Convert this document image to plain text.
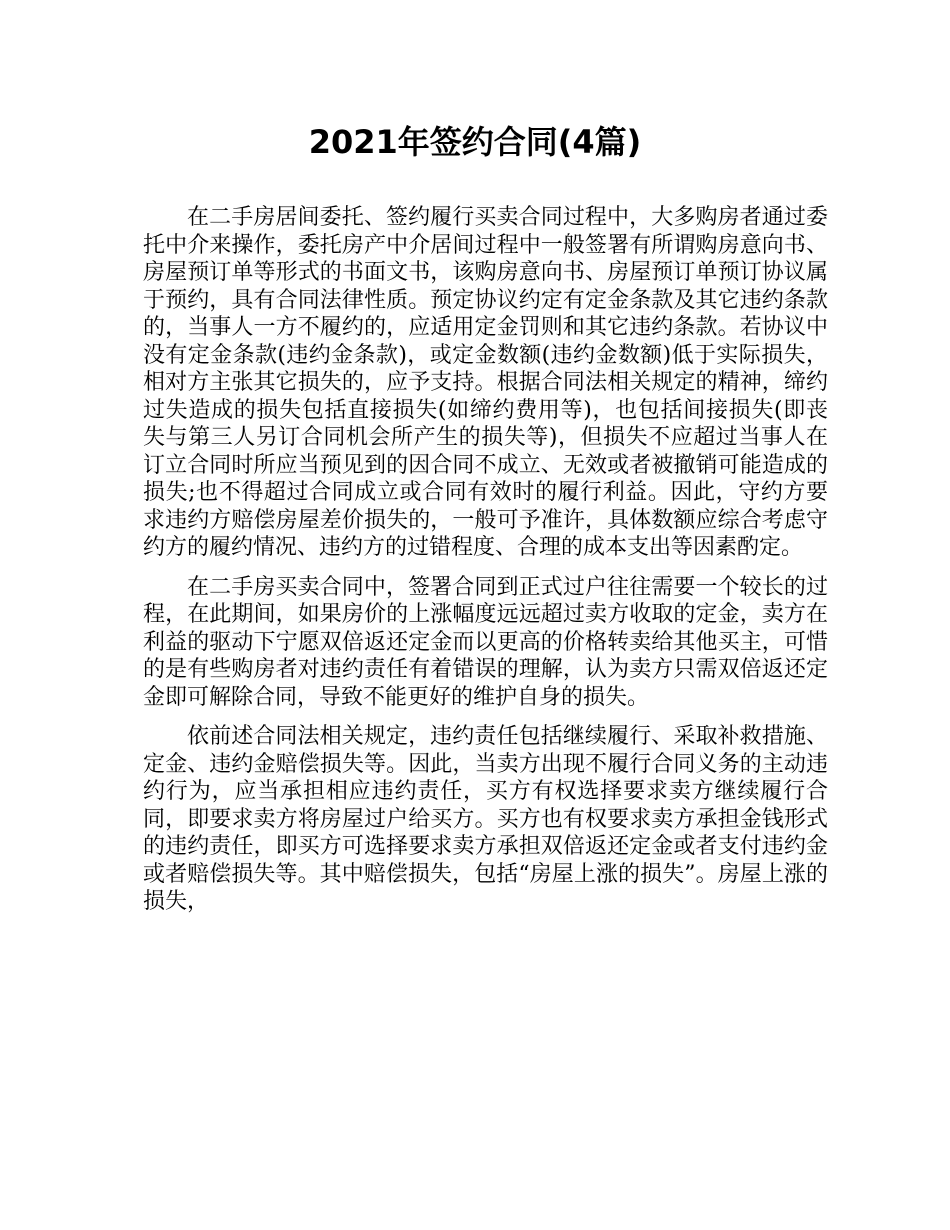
2021年签约合同(4篇)

在二手房居间委托、签约履行买卖合同过程中，大多购房者通过委托中介来操作，委托房产中介居间过程中一般签署有所谓购房意向书、房屋预订单等形式的书面文书，该购房意向书、房屋预订单预订协议属于预约，具有合同法律性质。预定协议约定有定金条款及其它违约条款的，当事人一方不履约的，应适用定金罚则和其它违约条款。若协议中没有定金条款(违约金条款)，或定金数额(违约金数额)低于实际损失，相对方主张其它损失的，应予支持。根据合同法相关规定的精神，缔约过失造成的损失包括直接损失(如缔约费用等)，也包括间接损失(即丧失与第三人另订合同机会所产生的损失等)，但损失不应超过当事人在订立合同时所应当预见到的因合同不成立、无效或者被撤销可能造成的损失;也不得超过合同成立或合同有效时的履行利益。因此，守约方要求违约方赔偿房屋差价损失的，一般可予准许，具体数额应综合考虑守约方的履约情况、违约方的过错程度、合理的成本支出等因素酌定。

在二手房买卖合同中，签署合同到正式过户往往需要一个较长的过程，在此期间，如果房价的上涨幅度远远超过卖方收取的定金，卖方在利益的驱动下宁愿双倍返还定金而以更高的价格转卖给其他买主，可惜的是有些购房者对违约责任有着错误的理解，认为卖方只需双倍返还定金即可解除合同，导致不能更好的维护自身的损失。

依前述合同法相关规定，违约责任包括继续履行、采取补救措施、定金、违约金赔偿损失等。因此，当卖方出现不履行合同义务的主动违约行为，应当承担相应违约责任，买方有权选择要求卖方继续履行合同，即要求卖方将房屋过户给买方。买方也有权要求卖方承担金钱形式的违约责任，即买方可选择要求卖方承担双倍返还定金或者支付违约金或者赔偿损失等。其中赔偿损失，包括“房屋上涨的损失”。房屋上涨的损失，
